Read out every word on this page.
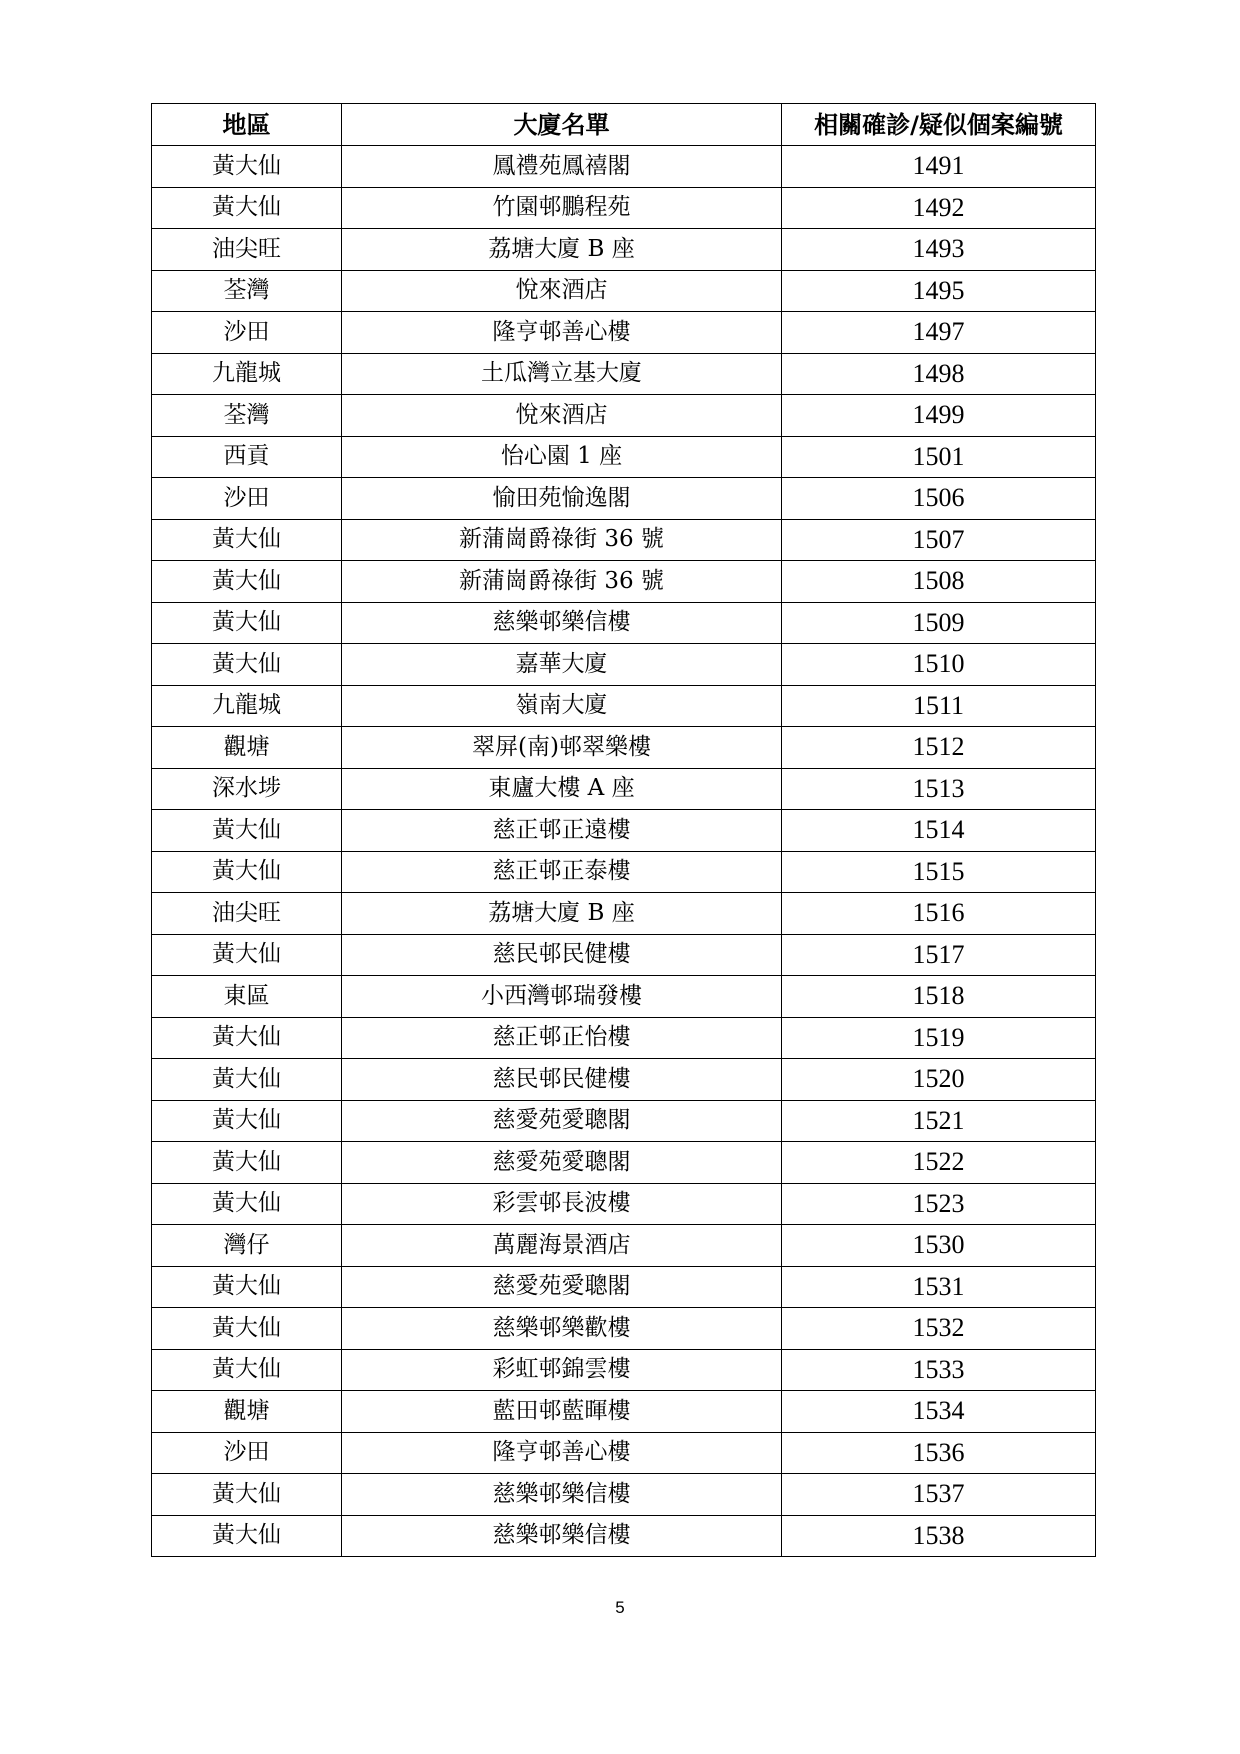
地區	大廈名單	相關確診/疑似個案編號
黃大仙	鳳禮苑鳳禧閣	1491
黃大仙	竹園邨鵬程苑	1492
油尖旺	荔塘大廈 B 座	1493
荃灣	悅來酒店	1495
沙田	隆亨邨善心樓	1497
九龍城	土瓜灣立基大廈	1498
荃灣	悅來酒店	1499
西貢	怡心園 1 座	1501
沙田	愉田苑愉逸閣	1506
黃大仙	新蒲崗爵祿街 36 號	1507
黃大仙	新蒲崗爵祿街 36 號	1508
黃大仙	慈樂邨樂信樓	1509
黃大仙	嘉華大廈	1510
九龍城	嶺南大廈	1511
觀塘	翠屏(南)邨翠樂樓	1512
深水埗	東廬大樓 A 座	1513
黃大仙	慈正邨正遠樓	1514
黃大仙	慈正邨正泰樓	1515
油尖旺	荔塘大廈 B 座	1516
黃大仙	慈民邨民健樓	1517
東區	小西灣邨瑞發樓	1518
黃大仙	慈正邨正怡樓	1519
黃大仙	慈民邨民健樓	1520
黃大仙	慈愛苑愛聰閣	1521
黃大仙	慈愛苑愛聰閣	1522
黃大仙	彩雲邨長波樓	1523
灣仔	萬麗海景酒店	1530
黃大仙	慈愛苑愛聰閣	1531
黃大仙	慈樂邨樂歡樓	1532
黃大仙	彩虹邨錦雲樓	1533
觀塘	藍田邨藍暉樓	1534
沙田	隆亨邨善心樓	1536
黃大仙	慈樂邨樂信樓	1537
黃大仙	慈樂邨樂信樓	1538
5
